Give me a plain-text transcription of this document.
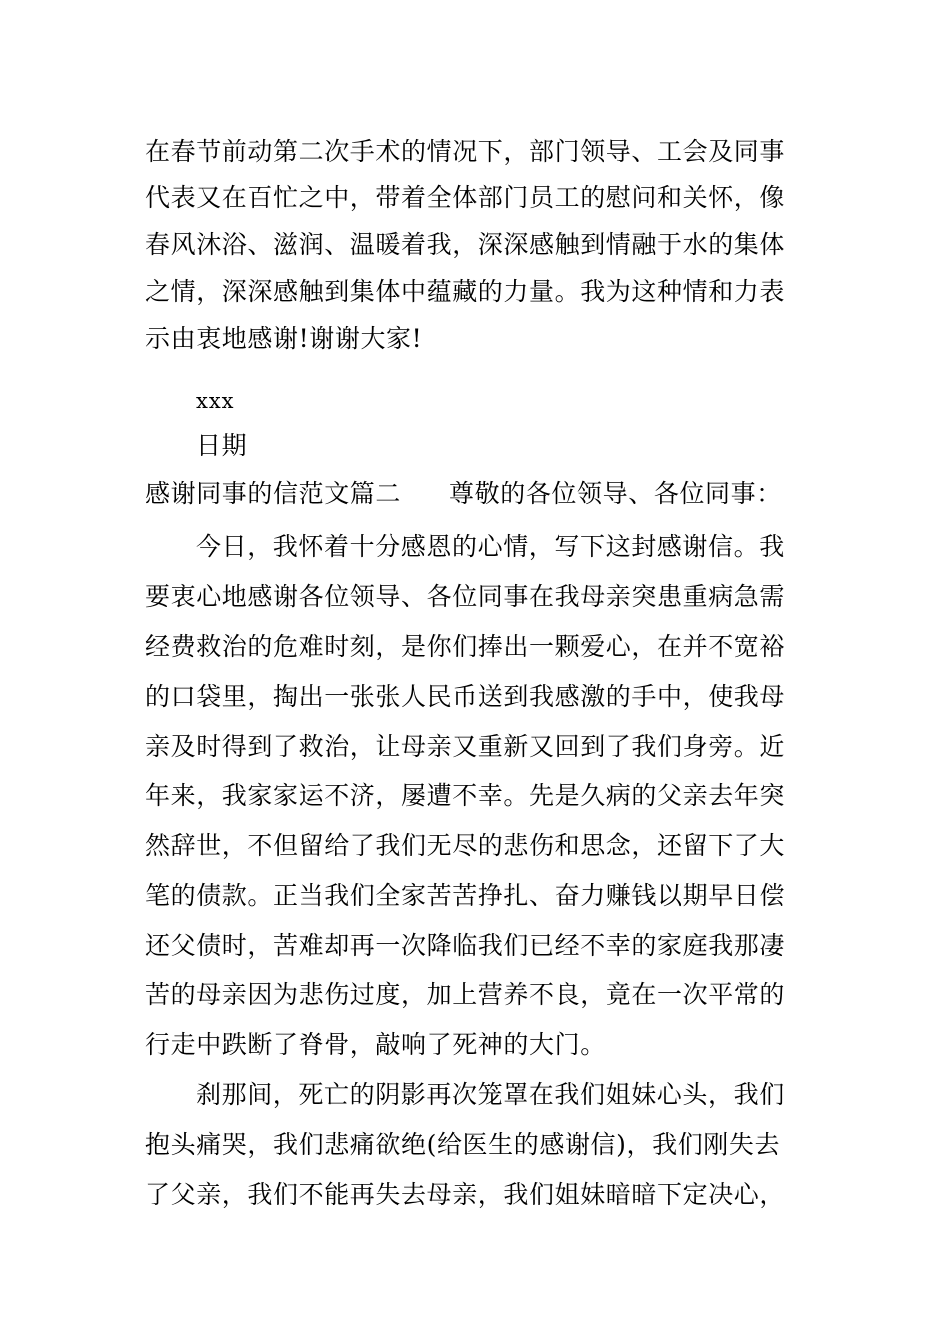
在春节前动第二次手术的情况下，部门领导、工会及同事
代表又在百忙之中，带着全体部门员工的慰问和关怀，像
春风沐浴、滋润、温暖着我，深深感触到情融于水的集体
之情，深深感触到集体中蕴藏的力量。我为这种情和力表
示由衷地感谢!谢谢大家!
xxx
日期
感谢同事的信范文篇二 尊敬的各位领导、各位同事：
今日，我怀着十分感恩的心情，写下这封感谢信。我
要衷心地感谢各位领导、各位同事在我母亲突患重病急需
经费救治的危难时刻，是你们捧出一颗爱心，在并不宽裕
的口袋里，掏出一张张人民币送到我感激的手中，使我母
亲及时得到了救治，让母亲又重新又回到了我们身旁。近
年来，我家家运不济，屡遭不幸。先是久病的父亲去年突
然辞世，不但留给了我们无尽的悲伤和思念，还留下了大
笔的债款。正当我们全家苦苦挣扎、奋力赚钱以期早日偿
还父债时，苦难却再一次降临我们已经不幸的家庭我那凄
苦的母亲因为悲伤过度，加上营养不良，竟在一次平常的
行走中跌断了脊骨，敲响了死神的大门。
刹那间，死亡的阴影再次笼罩在我们姐妹心头，我们
抱头痛哭，我们悲痛欲绝(给医生的感谢信)，我们刚失去
了父亲，我们不能再失去母亲，我们姐妹暗暗下定决心，
